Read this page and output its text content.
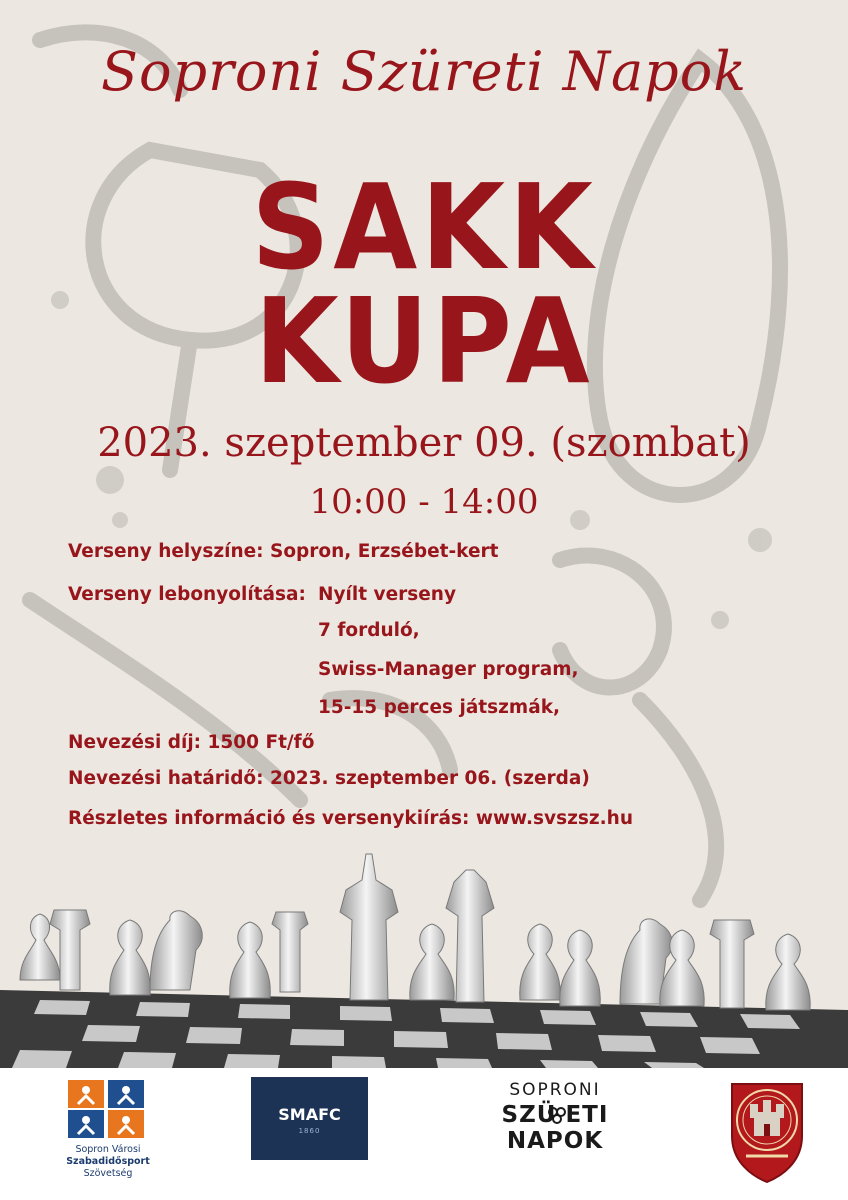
Soproni Szüreti Napok
SAKK
KUPA
2023. szeptember 09. (szombat)
10:00 - 14:00
Verseny helyszíne: Sopron, Erzsébet-kert
Verseny lebonyolítása: Nyílt verseny
7 forduló,
Swiss-Manager program,
15-15 perces játszmák,
Nevezési díj: 1500 Ft/fő
Nevezési határidő: 2023. szeptember 06. (szerda)
Részletes információ és versenykiírás: www.svszsz.hu
Sopron Városi
Szabadidősport
Szövetség
SMAFC
1860
SOPRONI
SZÜ ETI
NAPOK
